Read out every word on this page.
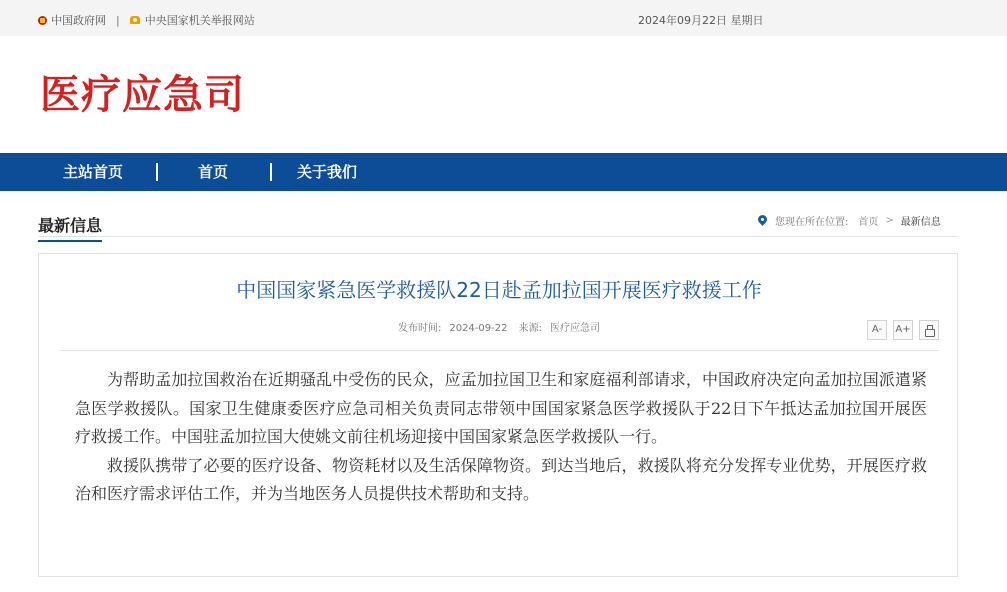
中国政府网 | 中央国家机关举报网站	2024年09月22日 星期日
医疗应急司
主站首页	首页	关于我们
最新信息	您现在所在位置: 首页 > 最新信息
中国国家紧急医学救援队22日赴孟加拉国开展医疗救援工作
发布时间: 2024-09-22 来源: 医疗应急司	A-	A+

为帮助孟加拉国救治在近期骚乱中受伤的民众，应孟加拉国卫生和家庭福利部请求，中国政府决定向孟加拉国派遣紧急医学救援队。国家卫生健康委医疗应急司相关负责同志带领中国国家紧急医学救援队于22日下午抵达孟加拉国开展医疗救援工作。中国驻孟加拉国大使姚文前往机场迎接中国国家紧急医学救援队一行。

救援队携带了必要的医疗设备、物资耗材以及生活保障物资。到达当地后，救援队将充分发挥专业优势，开展医疗救治和医疗需求评估工作，并为当地医务人员提供技术帮助和支持。
